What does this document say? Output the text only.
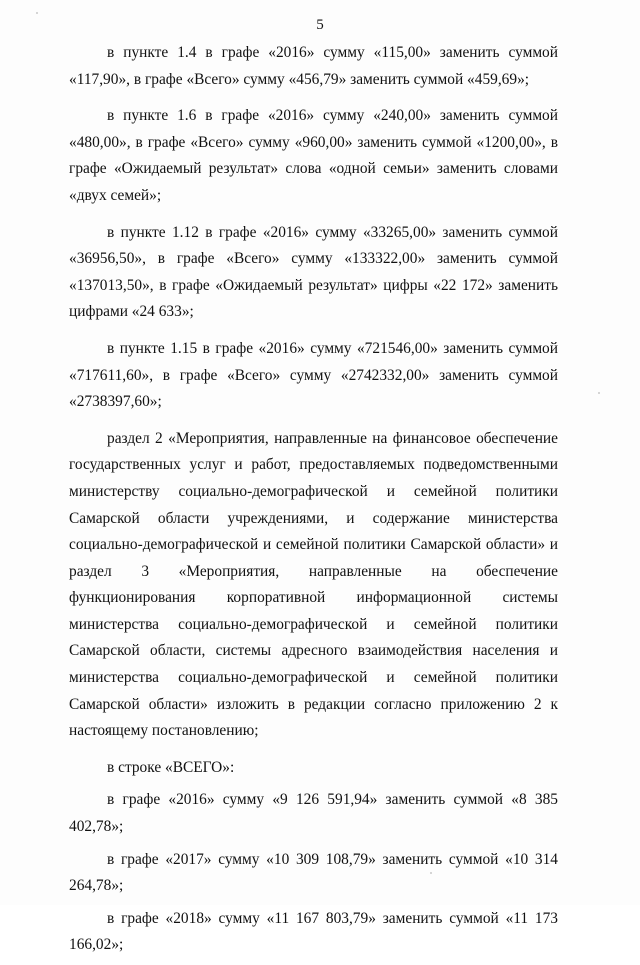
5

в пункте 1.4 в графе «2016» сумму «115,00» заменить суммой «117,90», в графе «Всего» сумму «456,79» заменить суммой «459,69»;

в пункте 1.6 в графе «2016» сумму «240,00» заменить суммой «480,00», в графе «Всего» сумму «960,00» заменить суммой «1200,00», в графе «Ожидаемый результат» слова «одной семьи» заменить словами «двух семей»;

в пункте 1.12 в графе «2016» сумму «33265,00» заменить суммой «36956,50», в графе «Всего» сумму «133322,00» заменить суммой «137013,50», в графе «Ожидаемый результат» цифры «22 172» заменить цифрами «24 633»;

в пункте 1.15 в графе «2016» сумму «721546,00» заменить суммой «717611,60», в графе «Всего» сумму «2742332,00» заменить суммой «2738397,60»;

раздел 2 «Мероприятия, направленные на финансовое обеспечение государственных услуг и работ, предоставляемых подведомственными министерству социально-демографической и семейной политики Самарской области учреждениями, и содержание министерства социально-демографической и семейной политики Самарской области» и раздел 3 «Мероприятия, направленные на обеспечение функционирования корпоративной информационной системы министерства социально-демографической и семейной политики Самарской области, системы адресного взаимодействия населения и министерства социально-демографической и семейной политики Самарской области» изложить в редакции согласно приложению 2 к настоящему постановлению;

в строке «ВСЕГО»:

в графе «2016» сумму «9 126 591,94» заменить суммой «8 385 402,78»;

в графе «2017» сумму «10 309 108,79» заменить суммой «10 314 264,78»;

в графе «2018» сумму «11 167 803,79» заменить суммой «11 173 166,02»;
